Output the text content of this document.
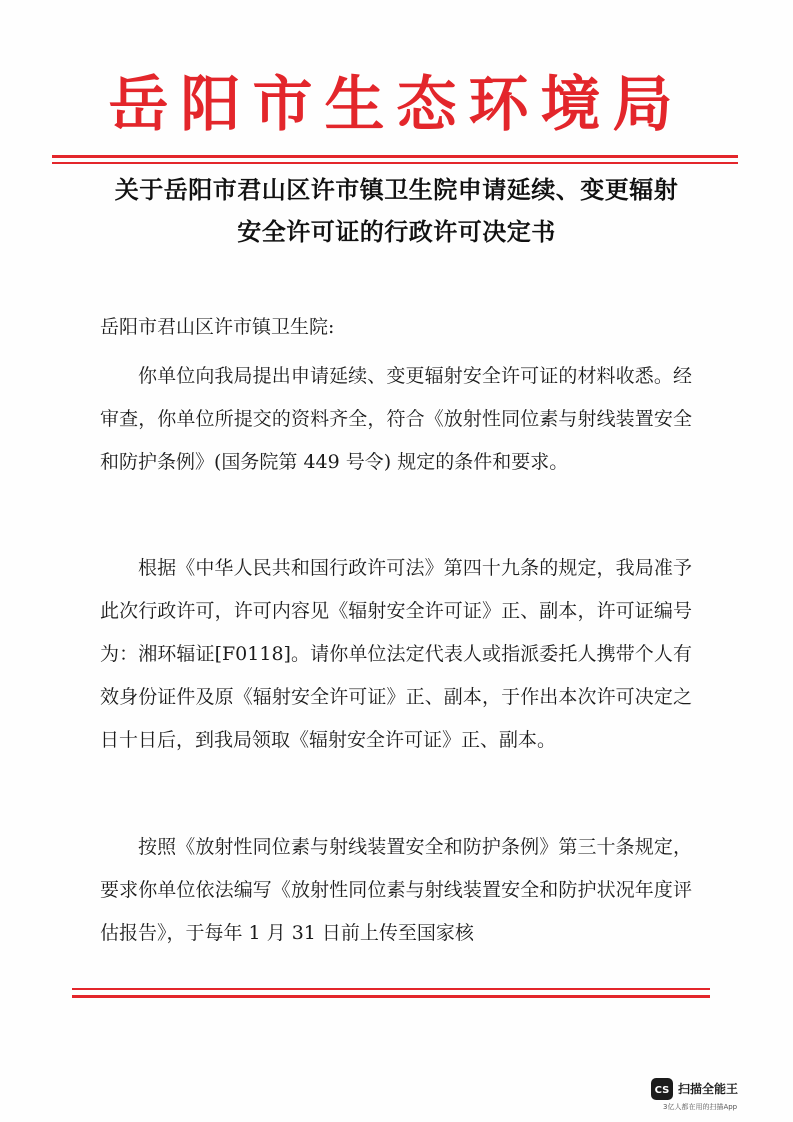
岳阳市生态环境局
关于岳阳市君山区许市镇卫生院申请延续、变更辐射
安全许可证的行政许可决定书
岳阳市君山区许市镇卫生院:
你单位向我局提出申请延续、变更辐射安全许可证的材料收悉。经审查，你单位所提交的资料齐全，符合《放射性同位素与射线装置安全和防护条例》(国务院第 449 号令) 规定的条件和要求。
根据《中华人民共和国行政许可法》第四十九条的规定，我局准予此次行政许可，许可内容见《辐射安全许可证》正、副本，许可证编号为：湘环辐证[F0118]。请你单位法定代表人或指派委托人携带个人有效身份证件及原《辐射安全许可证》正、副本，于作出本次许可决定之日十日后，到我局领取《辐射安全许可证》正、副本。
按照《放射性同位素与射线装置安全和防护条例》第三十条规定，要求你单位依法编写《放射性同位素与射线装置安全和防护状况年度评估报告》，于每年 1 月 31 日前上传至国家核
CS 扫描全能王
3亿人都在用的扫描App
